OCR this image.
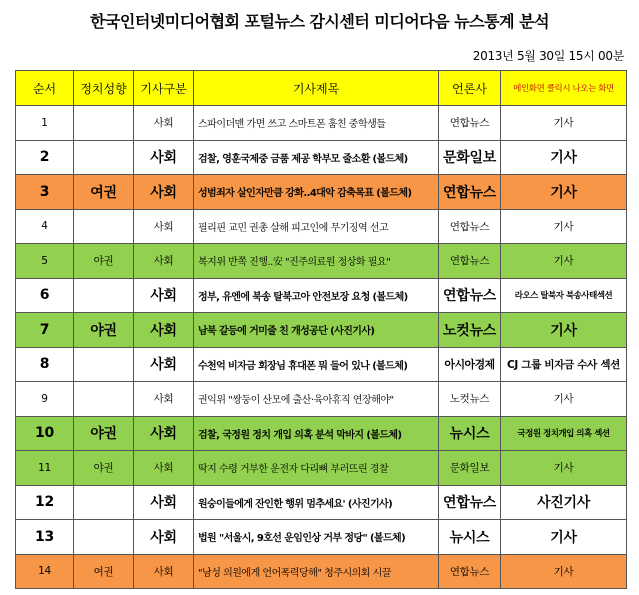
한국인터넷미디어협회 포털뉴스 감시센터 미디어다음 뉴스통계 분석
2013년 5월 30일 15시 00분
순서	정치성향	기사구분	기사제목	언론사	메인화면 클릭시 나오는 화면
1		사회	스파이더맨 가면 쓰고 스마트폰 훔친 중학생들	연합뉴스	기사
2		사회	검찰, 영훈국제중 금품 제공 학부모 줄소환 (볼드체)	문화일보	기사
3	여권	사회	성범죄자 살인자만큼 강화..4대악 감축목표 (볼드체)	연합뉴스	기사
4		사회	필리핀 교민 권총 살해 피고인에 무기징역 선고	연합뉴스	기사
5	야권	사회	복지위 반쪽 진행..安 "진주의료원 정상화 필요"	연합뉴스	기사
6		사회	정부, 유엔에 북송 탈북고아 안전보장 요청 (볼드체)	연합뉴스	라오스 탈북자 북송사태섹션
7	야권	사회	남북 갈등에 거미줄 친 개성공단 (사진기사)	노컷뉴스	기사
8		사회	수천억 비자금 회장님 휴대폰 뭐 들어 있나 (볼드체)	아시아경제	CJ 그룹 비자금 수사 섹션
9		사회	권익위 "쌍둥이 산모에 출산·육아휴직 연장해야"	노컷뉴스	기사
10	야권	사회	검찰, 국정원 정치 개입 의혹 분석 막바지 (볼드체)	뉴시스	국정원 정치개입 의혹 섹션
11	야권	사회	딱지 수령 거부한 운전자 다리뼈 부러뜨린 경찰	문화일보	기사
12		사회	원숭이들에게 잔인한 행위 멈추세요' (사진기사)	연합뉴스	사진기사
13		사회	법원 "서울시, 9호선 운임인상 거부 정당" (볼드체)	뉴시스	기사
14	여권	사회	"남성 의원에게 언어폭력당해" 청주시의회 시끌	연합뉴스	기사
